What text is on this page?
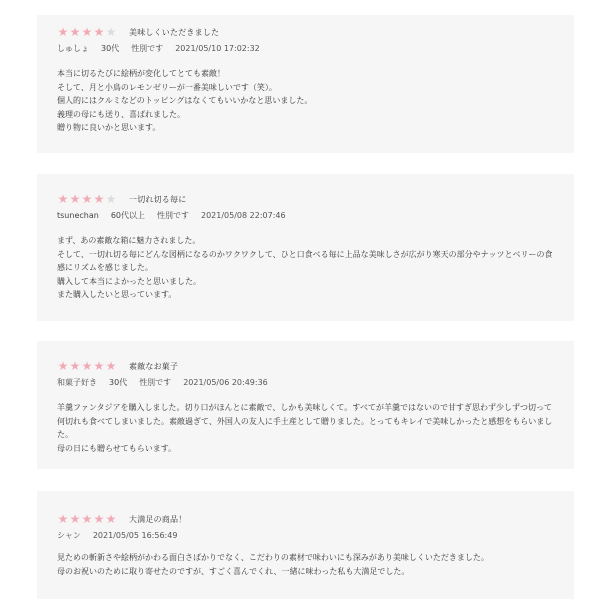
★ ★ ★ ★ ★ 美味しくいただきました
しゅしょ 30代 性別です 2021/05/10 17:02:32

本当に切るたびに絵柄が変化してとても素敵！

そして、月と小鳥のレモンゼリーが一番美味しいです（笑）。

個人的にはクルミなどのトッピングはなくてもいいかなと思いました。

義理の母にも送り、喜ばれました。

贈り物に良いかと思います。

★ ★ ★ ★ ★ 一切れ切る毎に
tsunechan 60代以上 性別です 2021/05/08 22:07:46

まず、あの素敵な箱に魅力されました。

そして、一切れ切る毎にどんな図柄になるのかワクワクして、ひと口食べる毎に上品な美味しさが広がり寒天の部分やナッツとベリーの食感にリズムを感じました。

購入して本当によかったと思いました。

また購入したいと思っています。

★ ★ ★ ★ ★ 素敵なお菓子
和菓子好き 30代 性別です 2021/05/06 20:49:36

羊羹ファンタジアを購入しました。切り口がほんとに素敵で、しかも美味しくて。すべてが羊羹ではないので甘すぎ思わず少しずつ切って何切れも食べてしまいました。素敵過ぎて、外国人の友人に手土産として贈りました。とってもキレイで美味しかったと感想をもらいました。

母の日にも贈らせてもらいます。

★ ★ ★ ★ ★ 大満足の商品！
シャン 2021/05/05 16:56:49

見ための斬新さや絵柄がかわる面白さばかりでなく、こだわりの素材で味わいにも深みがあり美味しくいただきました。

母のお祝いのために取り寄せたのですが、すごく喜んでくれ、一緒に味わった私も大満足でした。
